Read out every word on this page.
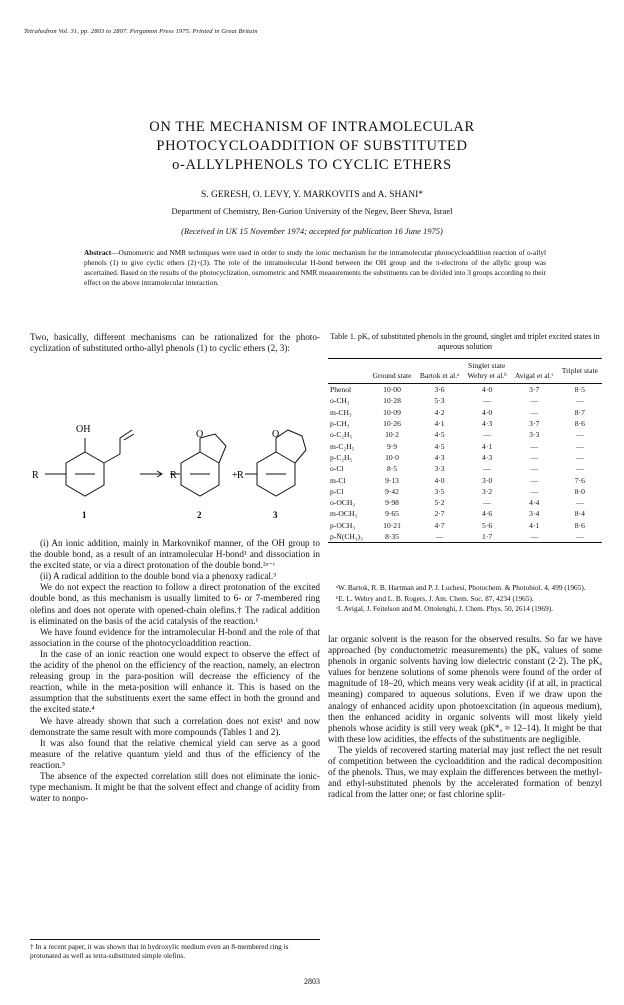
Tetrahedron Vol. 31, pp. 2803 to 2807. Pergamon Press 1975. Printed in Great Britain
ON THE MECHANISM OF INTRAMOLECULAR
PHOTOCYCLOADDITION OF SUBSTITUTED
o-ALLYLPHENOLS TO CYCLIC ETHERS
S. GERESH, O. LEVY, Y. MARKOVITS and A. SHANI*
Department of Chemistry, Ben-Gurion University of the Negev, Beer Sheva, Israel
(Received in UK 15 November 1974; accepted for publication 16 June 1975)
Abstract—Osmometric and NMR techniques were used in order to study the ionic mechanism for the intramolecular photocycloaddition reaction of o-allyl phenols (1) to give cyclic ethers (2)+(3). The role of the intramolecular H-bond between the OH group and the π-electrons of the allylic group was ascertained. Based on the results of the photocyclization, osmometric and NMR measurements the substituents can be divided into 3 groups according to their effect on the above intramolecular interaction.

Two, basically, different mechanisms can be rationalized for the photo-cyclization of substituted ortho-allyl phenols (1) to cyclic ethers (2, 3):

OH	O	O
R	R	+ R
1	2	3

(i) An ionic addition, mainly in Markovnikof manner, of the OH group to the double bond, as a result of an intramolecular H-bond¹ and dissociation in the excited state, or via a direct protonation of the double bond.²ᵃ⁻ᶜ

(ii) A radical addition to the double bond via a phenoxy radical.³

We do not expect the reaction to follow a direct protonation of the excited double bond, as this mechanism is usually limited to 6- or 7-membered ring olefins and does not operate with opened-chain olefins.† The radical addition is eliminated on the basis of the acid catalysis of the reaction.¹

We have found evidence for the intramolecular H-bond and the role of that association in the course of the photocycloaddition reaction.

In the case of an ionic reaction one would expect to observe the effect of the acidity of the phenol on the efficiency of the reaction, namely, an electron releasing group in the para-position will decrease the efficiency of the reaction, while in the meta-position will enhance it. This is based on the assumption that the substituents exert the same effect in both the ground and the excited state.⁴

We have already shown that such a correlation does not exist¹ and now demonstrate the same result with more compounds (Tables 1 and 2).

It was also found that the relative chemical yield can serve as a good measure of the relative quantum yield and thus of the efficiency of the reaction.⁵

The absence of the expected correlation still does not eliminate the ionic-type mechanism. It might be that the solvent effect and change of acidity from water to nonpo-

† In a recent paper, it was shown that in hydroxylic medium even an 8-membered ring is protonated as well as tetra-substituted simple olefins.
Table 1. pKₐ of substituted phenols in the ground, singlet and triplet excited states in aqueous solution
		Singlet state			Triplet state
	Ground state	Bartok et al.ᵃ	Wehry et al.ᵇ	Avigal et al.ᶜ	

Phenol	10·00	3·6	4·0	3·7	8·5
o-CH₃	10·28	5·3	—	—	—
m-CH₃	10·09	4·2	4·0	—	8·7
p-CH₃	10·26	4·1	4·3	3·7	8·6
o-C₂H₅	10·2	4·5	—	3·3	—
m-C₂H₅	9·9	4·5	4·1	—	—
p-C₂H₅	10·0	4·3	4·3	—	—
o-Cl	8·5	3·3	—	—	—
m-Cl	9·13	4·0	3·0	—	7·6
p-Cl	9·42	3·5	3·2	—	8·0
o-OCH₃	9·98	5·2	—	4·4	—
m-OCH₃	9·65	2·7	4·6	3·4	8·4
p-OCH₃	10·21	4·7	5·6	4·1	8·6
p-N̄(CH₃)₃	8·35	—	1·7	—	—

ᵃW. Bartok, R. B. Hartman and P. J. Luchesi, Photochem. & Photobiol. 4, 499 (1965).

ᵇE. L. Wehry and L. B. Rogers, J. Am. Chem. Soc. 87, 4234 (1965).

ᶜI. Avigal, J. Feitelson and M. Ottolenghi, J. Chem. Phys. 50, 2614 (1969).

lar organic solvent is the reason for the observed results. So far we have approached (by conductometric measurements) the pKₐ values of some phenols in organic solvents having low dielectric constant (2·2). The pKₐ values for benzene solutions of some phenols were found of the order of magnitude of 18–20, which means very weak acidity (if at all, in practical meaning) compared to aqueous solutions. Even if we draw upon the analogy of enhanced acidity upon photoexcitation (in aqueous medium), then the enhanced acidity in organic solvents will most likely yield phenols whose acidity is still very weak (pK*ₐ ≈ 12–14). It might be that with these low acidities, the effects of the substituents are negligible.

The yields of recovered starting material may just reflect the net result of competition between the cycloaddition and the radical decomposition of the phenols. Thus, we may explain the differences between the methyl- and ethyl-substituted phenols by the accelerated formation of benzyl radical from the latter one; or fast chlorine split-

2803
